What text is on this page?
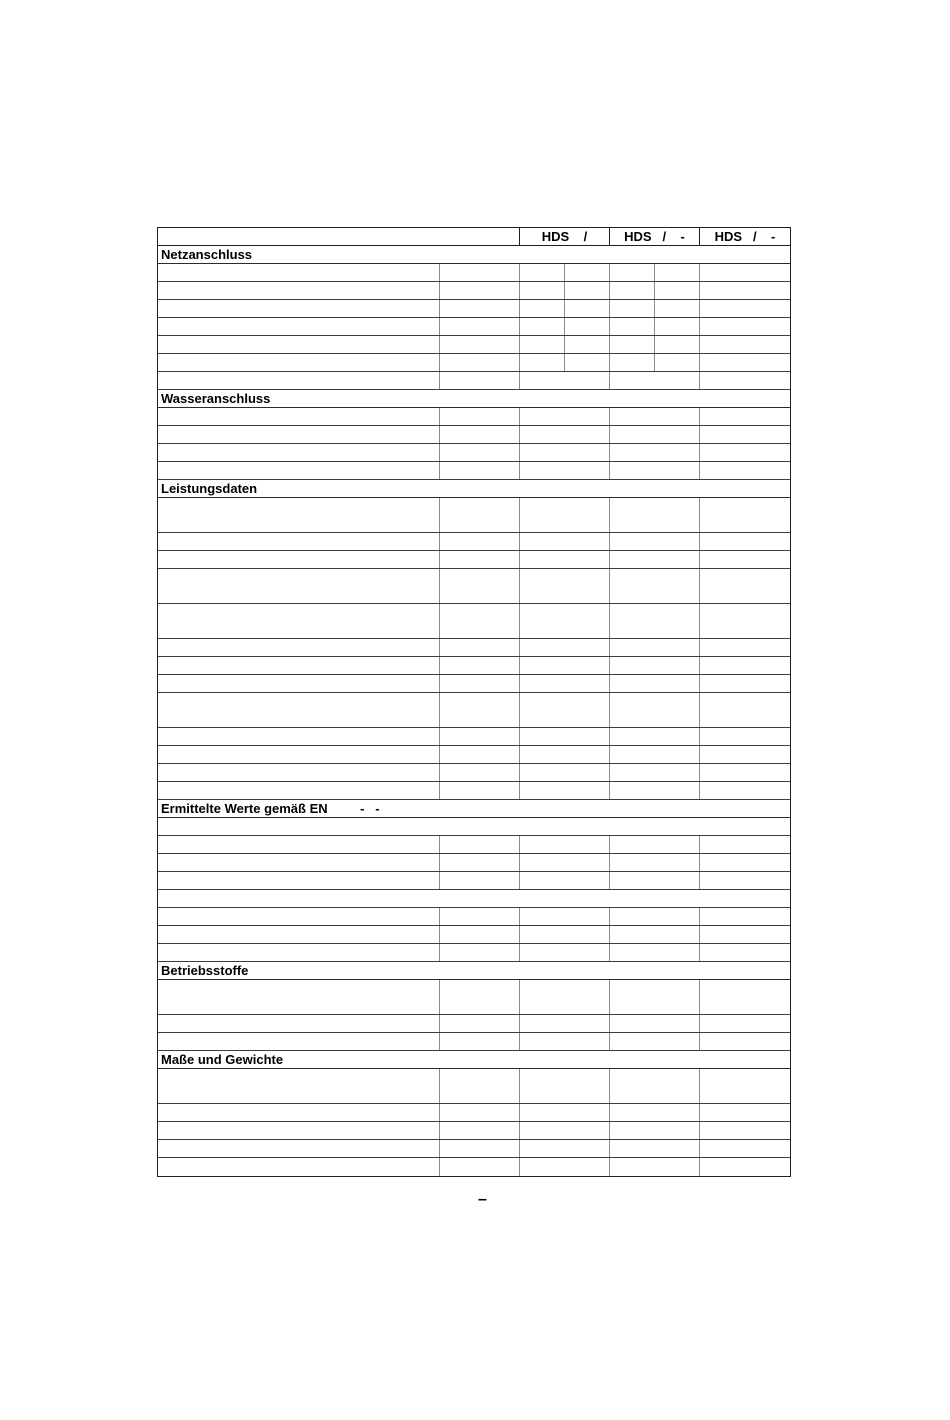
HDS    /	HDS   /    -	HDS   /    -
Netzanschluss
Wasseranschluss
Leistungsdaten
Ermittelte Werte gemäß EN         -   -
Betriebsstoffe
Maße und Gewichte
–
